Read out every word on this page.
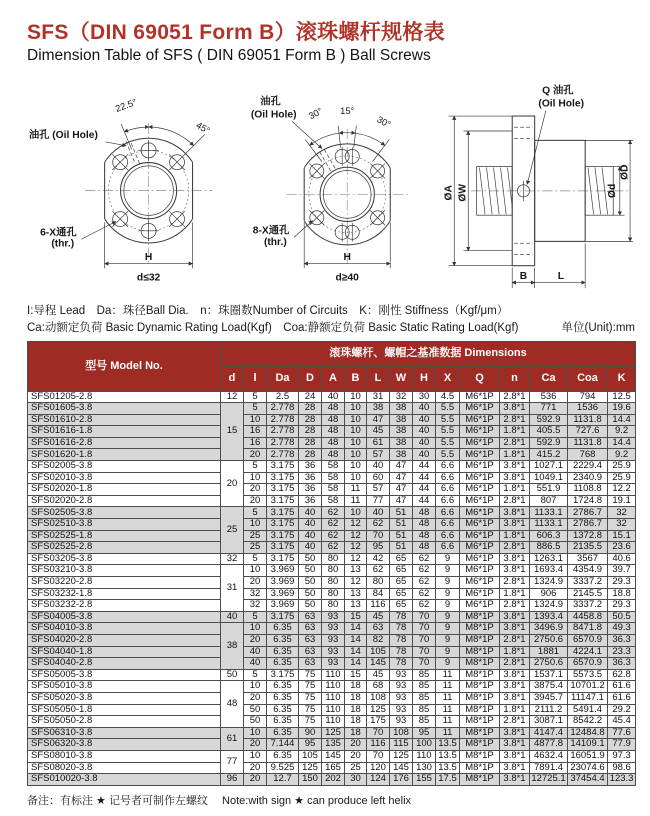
SFS（DIN 69051 Form B）滚珠螺杆规格表
Dimension Table of SFS ( DIN 69051 Form B ) Ball Screws
22.5°
45°
油孔 (Oil Hole)
6-X通孔
(thr.)
H
d≤32
30° 15°
30°
油孔
(Oil Hole)
8-X通孔
(thr.)
H
d≥40
Q 油孔
(Oil Hole)
ØA ØW	Ød
ØD
B	L
I:导程 Lead　Da：珠径Ball Dia.　n：珠圈数Number of Circuits　K：刚性 Stiffness（Kgf/μm）
Ca:动额定负荷 Basic Dynamic Rating Load(Kgf)　Coa:静额定负荷 Basic Static Rating Load(Kgf)	单位(Unit):mm
型号 Model No.	滚珠螺杆、螺帽之基准数据 Dimensions														
	d	l	Da	D	A	B	L	W	H	X	Q	n	Ca	Coa	K
SFS01205-2.8	12	5	2.5	24	40	10	31	32	30	4.5	M6*1P	2.8*1	536	794	12.5
SFS01605-3.8	15	5	2.778	28	48	10	38	38	40	5.5	M6*1P	3.8*1	771	1536	19.6
SFS01610-2.8		10	2.778	28	48	10	47	38	40	5.5	M6*1P	2.8*1	592.9	1131.8	14.4
SFS01616-1.8		16	2.778	28	48	10	45	38	40	5.5	M6*1P	1.8*1	405.5	727.6	9.2
SFS01616-2.8		16	2.778	28	48	10	61	38	40	5.5	M6*1P	2.8*1	592.9	1131.8	14.4
SFS01620-1.8		20	2.778	28	48	10	57	38	40	5.5	M6*1P	1.8*1	415.2	768	9.2
SFS02005-3.8	20	5	3.175	36	58	10	40	47	44	6.6	M6*1P	3.8*1	1027.1	2229.4	25.9
SFS02010-3.8		10	3.175	36	58	10	60	47	44	6.6	M6*1P	3.8*1	1049.1	2340.9	25.9
SFS02020-1.8		20	3.175	36	58	11	57	47	44	6.6	M6*1P	1.8*1	551.9	1108.8	12.2
SFS02020-2.8		20	3.175	36	58	11	77	47	44	6.6	M6*1P	2.8*1	807	1724.8	19.1
SFS02505-3.8	25	5	3.175	40	62	10	40	51	48	6.6	M6*1P	3.8*1	1133.1	2786.7	32
SFS02510-3.8		10	3.175	40	62	12	62	51	48	6.6	M6*1P	3.8*1	1133.1	2786.7	32
SFS02525-1.8		25	3.175	40	62	12	70	51	48	6.6	M6*1P	1.8*1	606.3	1372.8	15.1
SFS02525-2.8		25	3.175	40	62	12	95	51	48	6.6	M6*1P	2.8*1	886.5	2135.5	23.6
SFS03205-3.8	32	5	3.175	50	80	12	42	65	62	9	M6*1P	3.8*1	1263.1	3567	40.6
SFS03210-3.8	31	10	3.969	50	80	13	62	65	62	9	M6*1P	3.8*1	1693.4	4354.9	39.7
SFS03220-2.8		20	3.969	50	80	12	80	65	62	9	M6*1P	2.8*1	1324.9	3337.2	29.3
SFS03232-1.8		32	3.969	50	80	13	84	65	62	9	M6*1P	1.8*1	906	2145.5	18.8
SFS03232-2.8		32	3.969	50	80	13	116	65	62	9	M6*1P	2.8*1	1324.9	3337.2	29.3
SFS04005-3.8	40	5	3.175	63	93	15	45	78	70	9	M8*1P	3.8*1	1393.4	4458.8	50.5
SFS04010-3.8	38	10	6.35	63	93	14	63	78	70	9	M8*1P	3.8*1	3496.9	8471.8	49.3
SFS04020-2.8		20	6.35	63	93	14	82	78	70	9	M8*1P	2.8*1	2750.6	6570.9	36.3
SFS04040-1.8		40	6.35	63	93	14	105	78	70	9	M8*1P	1.8*1	1881	4224.1	23.3
SFS04040-2.8		40	6.35	63	93	14	145	78	70	9	M8*1P	2.8*1	2750.6	6570.9	36.3
SFS05005-3.8	50	5	3.175	75	110	15	45	93	85	11	M8*1P	3.8*1	1537.1	5573.5	62.8
SFS05010-3.8	48	10	6.35	75	110	18	68	93	85	11	M8*1P	3.8*1	3875.4	10701.2	61.6
SFS05020-3.8		20	6.35	75	110	18	108	93	85	11	M8*1P	3.8*1	3945.7	11147.1	61.6
SFS05050-1.8		50	6.35	75	110	18	125	93	85	11	M8*1P	1.8*1	2111.2	5491.4	29.2
SFS05050-2.8		50	6.35	75	110	18	175	93	85	11	M8*1P	2.8*1	3087.1	8542.2	45.4
SFS06310-3.8	61	10	6.35	90	125	18	70	108	95	11	M8*1P	3.8*1	4147.4	12484.8	77.6
SFS06320-3.8		20	7.144	95	135	20	116	115	100	13.5	M8*1P	3.8*1	4877.8	14109.1	77.9
SFS08010-3.8	77	10	6.35	105	145	20	70	125	110	13.5	M8*1P	3.8*1	4632.4	16051.9	97.3
SFS08020-3.8		20	9.525	125	165	25	120	145	130	13.5	M8*1P	3.8*1	7891.4	23074.6	98.6
SFS010020-3.8	96	20	12.7	150	202	30	124	176	155	17.5	M8*1P	3.8*1	12725.1	37454.4	123.3
备注：有标注 ★ 记号者可制作左螺纹　 Note:with sign ★ can produce left helix
